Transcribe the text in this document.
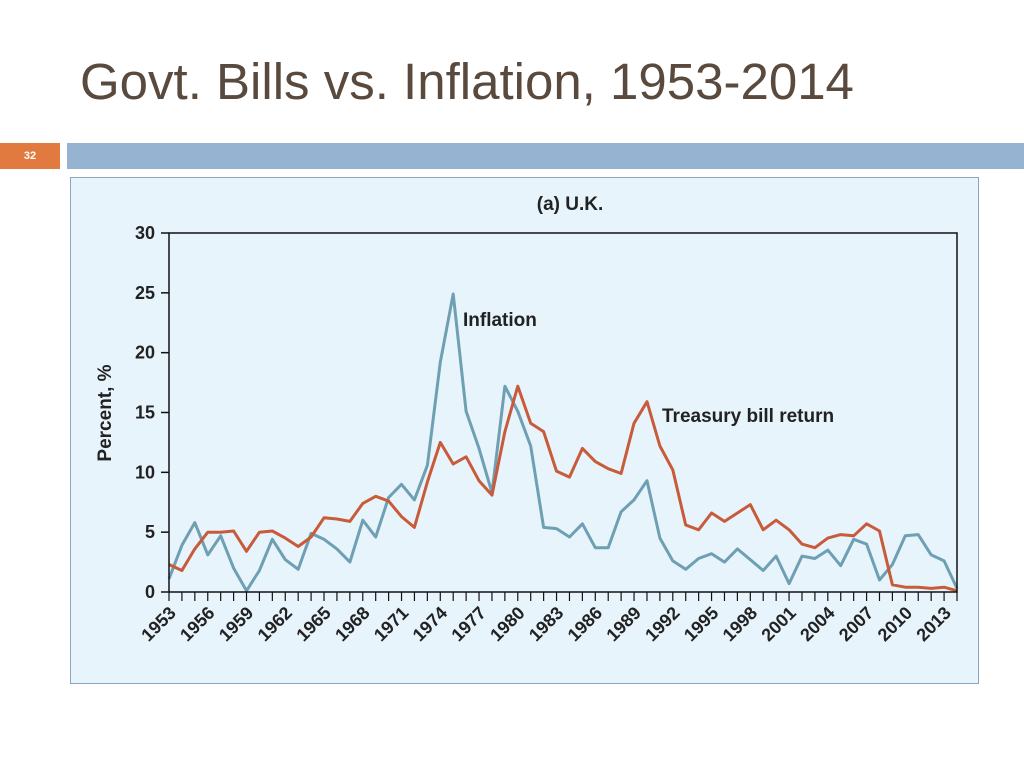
Govt. Bills vs. Inflation, 1953-2014
32
(a) U.K.
Percent, %
0
5
10
15
20
25
30
1953
1956
1959
1962
1965
1968
1971
1974
1977
1980
1983
1986
1989
1992
1995
1998
2001
2004
2007
2010
2013
Inflation
Treasury bill return
